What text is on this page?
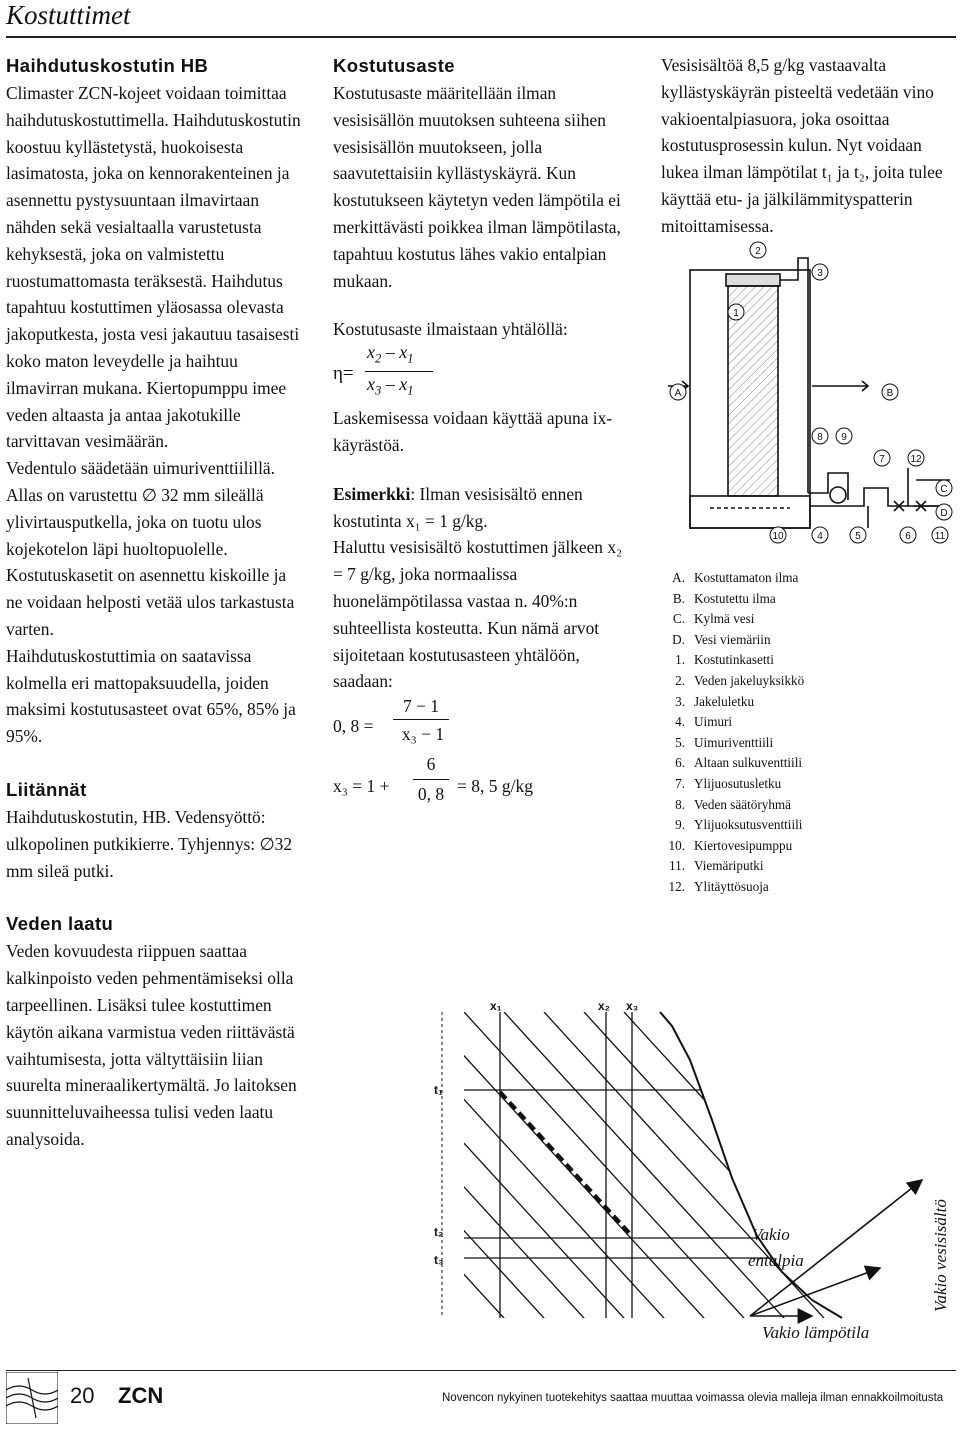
Kostuttimet
Haihdutuskostutin HB

Climaster ZCN-kojeet voidaan toimittaa haihdutuskostuttimella. Haihdutuskostutin koostuu kyllästetystä, huokoisesta lasimatosta, joka on kennorakenteinen ja asennettu pystysuuntaan ilmavirtaan nähden sekä vesialtaalla varustetusta kehyksestä, joka on valmistettu ruostumattomasta teräksestä. Haihdutus tapahtuu kostuttimen yläosassa olevasta jakoputkesta, josta vesi jakautuu tasaisesti koko maton leveydelle ja haihtuu ilmavirran mukana. Kiertopumppu imee veden altaasta ja antaa jakotukille tarvittavan vesimäärän.

Vedentulo säädetään uimuriventtiilillä. Allas on varustettu ∅ 32 mm sileällä ylivirtausputkella, joka on tuotu ulos kojekotelon läpi huoltopuolelle.

Kostutuskasetit on asennettu kiskoille ja ne voidaan helposti vetää ulos tarkastusta varten.

Haihdutuskostuttimia on saatavissa kolmella eri mattopaksuudella, joiden maksimi kostutusasteet ovat 65%, 85% ja 95%.

Liitännät

Haihdutuskostutin, HB. Vedensyöttö: ulkopolinen putkikierre. Tyhjennys: ∅32 mm sileä putki.

Veden laatu

Veden kovuudesta riippuen saattaa kalkinpoisto veden pehmentämiseksi olla tarpeellinen. Lisäksi tulee kostuttimen käytön aikana varmistua veden riittävästä vaihtumisesta, jotta vältyttäisiin liian suurelta mineraalikertymältä. Jo laitoksen suunnitteluvaiheessa tulisi veden laatu analysoida.

Kostutusaste

Kostutusaste määritellään ilman vesisisällön muutoksen suhteena siihen vesisisällön muutokseen, jolla saavutettaisiin kyllästyskäyrä. Kun kostutukseen käytetyn veden lämpötila ei merkittävästi poikkea ilman lämpötilasta, tapahtuu kostutus lähes vakio entalpian mukaan.

Kostutusaste ilmaistaan yhtälöllä:

η=
$x_2 - x_1$
$x_3 - x_1$

Laskemisessa voidaan käyttää apuna ix-käyrästöä.

Esimerkki: Ilman vesisisältö ennen kostutinta x₁ = 1 g/kg.

Haluttu vesisisältö kostuttimen jälkeen x₂ = 7 g/kg, joka normaalissa huonelämpötilassa vastaa n. 40%:n suhteellista kosteutta. Kun nämä arvot sijoitetaan kostutusasteen yhtälöön, saadaan:

0, 8 =
7 − 1
x₃ − 1
x₃ = 1 +
6
0, 8 = 8, 5 g/kg

Vesisisältöä 8,5 g/kg vastaavalta kyllästyskäyrän pisteeltä vedetään vino vakioentalpiasuora, joka osoittaa kostutusprosessin kulun. Nyt voidaan lukea ilman lämpötilat t₁ ja t₂, joita tulee käyttää etu- ja jälkilämmityspatterin mitoittamisessa.

2
3
1
A	B
8 9
7	12
C
D
10	4	5	6 11
A. Kostuttamaton ilma
B. Kostutettu ilma
C. Kylmä vesi
D. Vesi viemäriin
1. Kostutinkasetti
2. Veden jakeluyksikkö
3. Jakeluletku
4. Uimuri
5. Uimuriventtiili
6. Altaan sulkuventtiili
7. Ylijuosutusletku
8. Veden säätöryhmä
9. Ylijuoksutusventtiili
10. Kiertovesipumppu
11. Viemäriputki
12. Ylitäyttösuoja
x₁	x₂ x₃
t₁
t₂
t₃
Vakio
entalpia
Vakio lämpötila
Vakio vesisisältö
20 ZCN	Novencon nykyinen tuotekehitys saattaa muuttaa voimassa olevia malleja ilman ennakkoilmoitusta
